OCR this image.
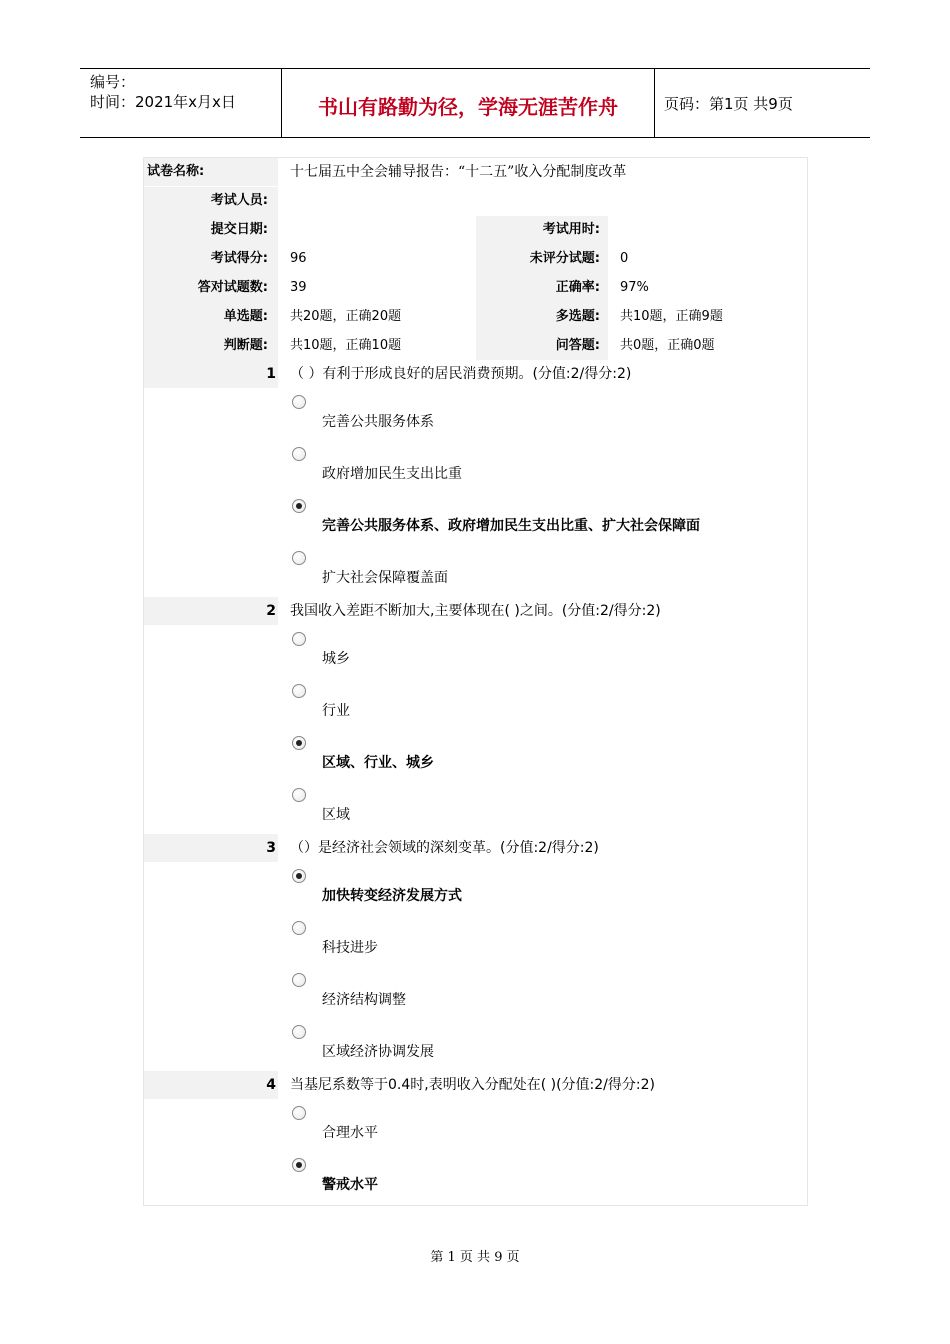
编号：
时间：2021年x月x日	书山有路勤为径，学海无涯苦作舟	页码：第1页 共9页
试卷名称:	十七届五中全会辅导报告：“十二五”收入分配制度改革
考试人员:
提交日期:	考试用时:
考试得分: 96	未评分试题: 0
答对试题数: 39	正确率: 97%
单选题: 共20题，正确20题	多选题: 共10题，正确9题
判断题: 共10题，正确10题	问答题: 共0题，正确0题
1 （ ）有利于形成良好的居民消费预期。(分值:2/得分:2)
完善公共服务体系
政府增加民生支出比重
完善公共服务体系、政府增加民生支出比重、扩大社会保障面
扩大社会保障覆盖面
2 我国收入差距不断加大,主要体现在( )之间。(分值:2/得分:2)
城乡
行业
区域、行业、城乡
区域
3 （）是经济社会领域的深刻变革。(分值:2/得分:2)
加快转变经济发展方式
科技进步
经济结构调整
区域经济协调发展
4 当基尼系数等于0.4时,表明收入分配处在( )(分值:2/得分:2)
合理水平
警戒水平
第 1 页 共 9 页
